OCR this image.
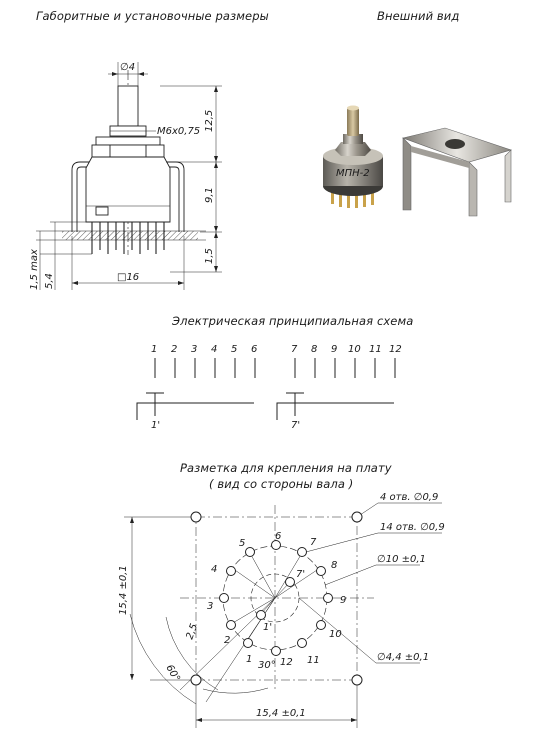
Габоритные и установочные размеры	Внешний вид
Электрическая принципиальная схема
Разметка для крепления на плату
( вид со стороны вала )
∅4
M6x0,75 12,5
9,1
1,5
1,5 max 5,4	□16
1 2 3 4 5 6	7 8 9 10 11 12
1'	7'
1
2
3
4
5
6
7
8
9
10
11
12
1'
7'
4 отв. ∅0,9
14 отв. ∅0,9
∅10 ±0,1
∅4,4 ±0,1
15,4 ±0,1
15,4 ±0,1
60°	30°
2,5
МПН-2
